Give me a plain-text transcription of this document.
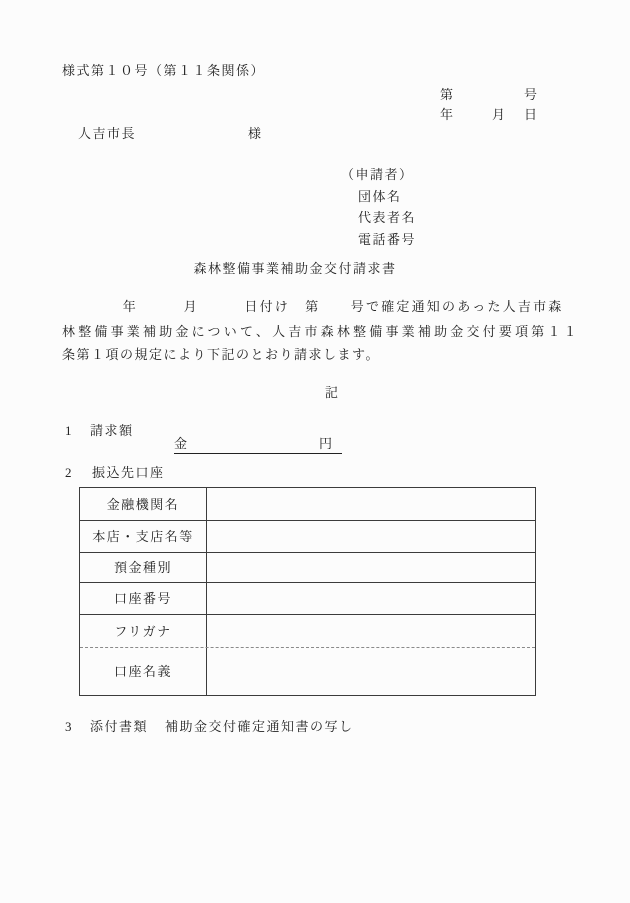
様式第１０号（第１１条関係）
第	号
年	月 日
人吉市長	様
（申請者）
団体名
代表者名
電話番号
森林整備事業補助金交付請求書
　　　　年　　　月　　　日付け　第　　号で確定通知のあった人吉市森
林整備事業補助金について、人吉市森林整備事業補助金交付要項第１１
条第１項の規定により下記のとおり請求します。
記
1 請求額

金　　　　　　　　　円

2 振込先口座
金融機関名
本店・支店名等
預金種別
口座番号
フリガナ
口座名義
3 添付書類 補助金交付確定通知書の写し
